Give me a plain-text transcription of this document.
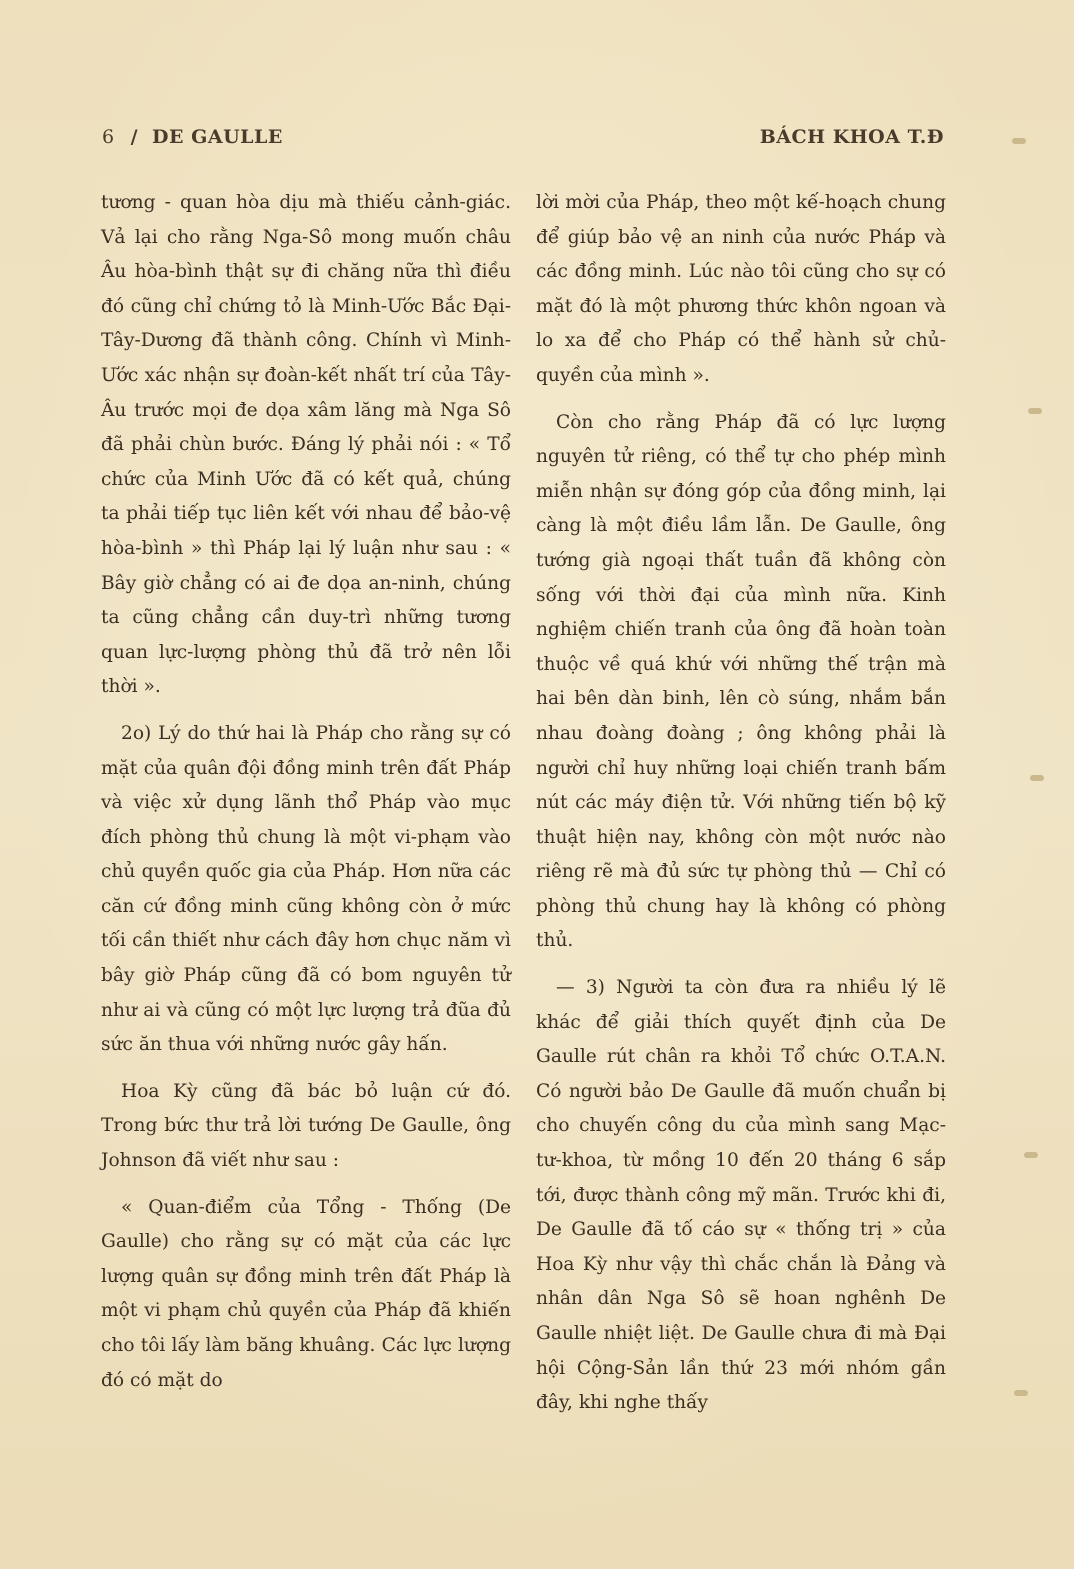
6 / DE GAULLE	BÁCH KHOA T.Đ

tương - quan hòa dịu mà thiếu cảnh-giác. Vả lại cho rằng Nga-Sô mong muốn châu Âu hòa-bình thật sự đi chăng nữa thì điều đó cũng chỉ chứng tỏ là Minh-Ước Bắc Đại-Tây-Dương đã thành công. Chính vì Minh-Ước xác nhận sự đoàn-kết nhất trí của Tây-Âu trước mọi đe dọa xâm lăng mà Nga Sô đã phải chùn bước. Đáng lý phải nói : « Tổ chức của Minh Ước đã có kết quả, chúng ta phải tiếp tục liên kết với nhau để bảo-vệ hòa-bình » thì Pháp lại lý luận như sau : « Bây giờ chẳng có ai đe dọa an-ninh, chúng ta cũng chẳng cần duy-trì những tương quan lực-lượng phòng thủ đã trở nên lỗi thời ».

2o) Lý do thứ hai là Pháp cho rằng sự có mặt của quân đội đồng minh trên đất Pháp và việc xử dụng lãnh thổ Pháp vào mục đích phòng thủ chung là một vi-phạm vào chủ quyền quốc gia của Pháp. Hơn nữa các căn cứ đồng minh cũng không còn ở mức tối cần thiết như cách đây hơn chục năm vì bây giờ Pháp cũng đã có bom nguyên tử như ai và cũng có một lực lượng trả đũa đủ sức ăn thua với những nước gây hấn.

Hoa Kỳ cũng đã bác bỏ luận cứ đó. Trong bức thư trả lời tướng De Gaulle, ông Johnson đã viết như sau :

« Quan-điểm của Tổng - Thống (De Gaulle) cho rằng sự có mặt của các lực lượng quân sự đồng minh trên đất Pháp là một vi phạm chủ quyền của Pháp đã khiến cho tôi lấy làm băng khuâng. Các lực lượng đó có mặt do

lời mời của Pháp, theo một kế-hoạch chung để giúp bảo vệ an ninh của nước Pháp và các đồng minh. Lúc nào tôi cũng cho sự có mặt đó là một phương thức khôn ngoan và lo xa để cho Pháp có thể hành sử chủ-quyền của mình ».

Còn cho rằng Pháp đã có lực lượng nguyên tử riêng, có thể tự cho phép mình miễn nhận sự đóng góp của đồng minh, lại càng là một điều lầm lẫn. De Gaulle, ông tướng già ngoại thất tuần đã không còn sống với thời đại của mình nữa. Kinh nghiệm chiến tranh của ông đã hoàn toàn thuộc về quá khứ với những thế trận mà hai bên dàn binh, lên cò súng, nhắm bắn nhau đoàng đoàng ; ông không phải là người chỉ huy những loại chiến tranh bấm nút các máy điện tử. Với những tiến bộ kỹ thuật hiện nay, không còn một nước nào riêng rẽ mà đủ sức tự phòng thủ — Chỉ có phòng thủ chung hay là không có phòng thủ.

— 3) Người ta còn đưa ra nhiều lý lẽ khác để giải thích quyết định của De Gaulle rút chân ra khỏi Tổ chức O.T.A.N. Có người bảo De Gaulle đã muốn chuẩn bị cho chuyến công du của mình sang Mạc-tư-khoa, từ mồng 10 đến 20 tháng 6 sắp tới, được thành công mỹ mãn. Trước khi đi, De Gaulle đã tố cáo sự « thống trị » của Hoa Kỳ như vậy thì chắc chắn là Đảng và nhân dân Nga Sô sẽ hoan nghênh De Gaulle nhiệt liệt. De Gaulle chưa đi mà Đại hội Cộng-Sản lần thứ 23 mới nhóm gần đây, khi nghe thấy
